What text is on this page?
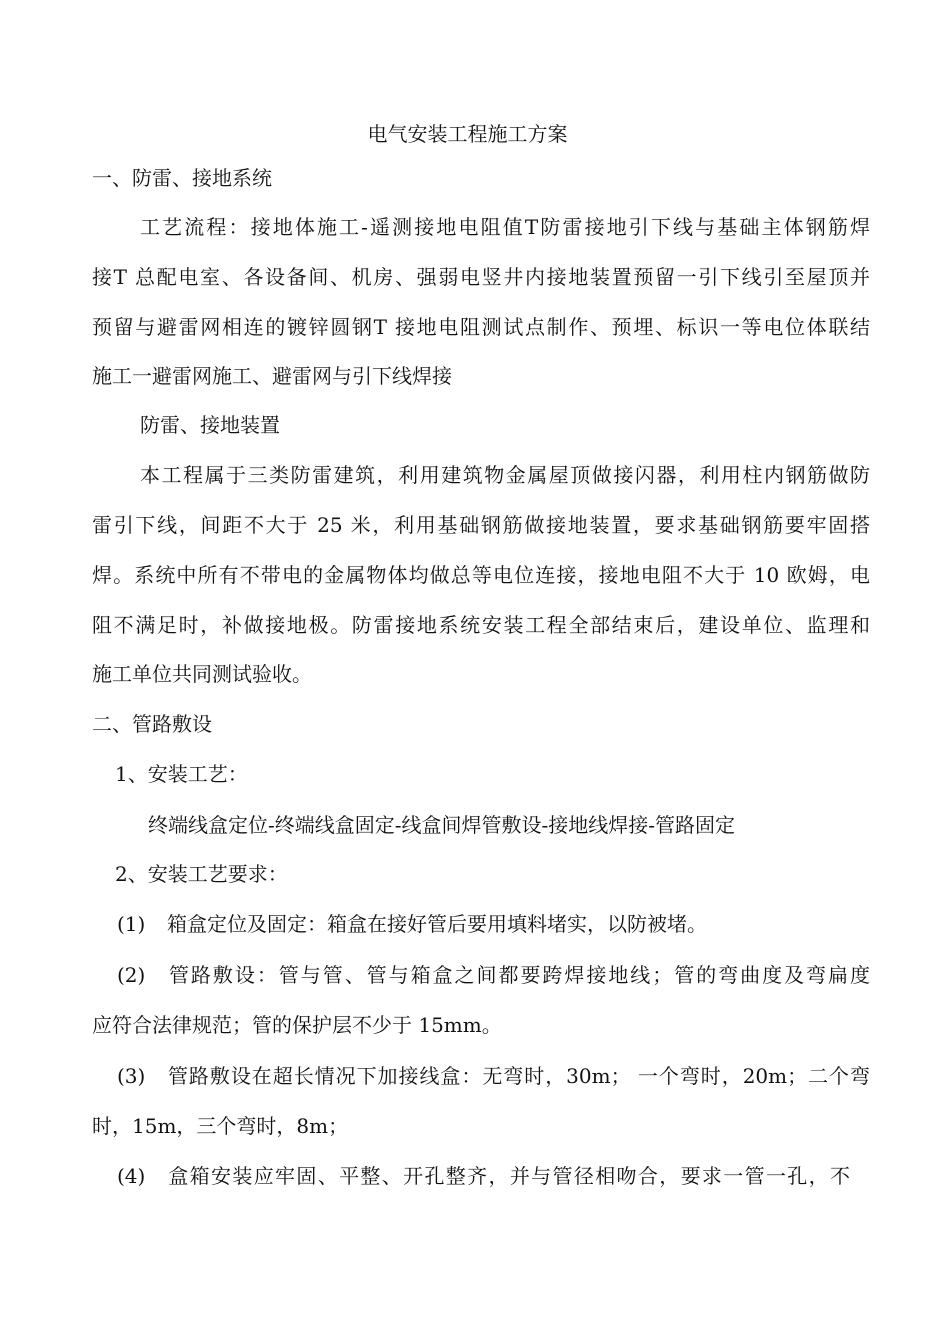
电气安装工程施工方案
一、防雷、接地系统
工艺流程：接地体施工-遥测接地电阻值T防雷接地引下线与基础主体钢筋焊
接T 总配电室、各设备间、机房、强弱电竖井内接地装置预留一引下线引至屋顶并
预留与避雷网相连的镀锌圆钢T 接地电阻测试点制作、预埋、标识一等电位体联结
施工一避雷网施工、避雷网与引下线焊接
防雷、接地装置
本工程属于三类防雷建筑，利用建筑物金属屋顶做接闪器，利用柱内钢筋做防
雷引下线，间距不大于 25 米，利用基础钢筋做接地装置，要求基础钢筋要牢固搭
焊。系统中所有不带电的金属物体均做总等电位连接，接地电阻不大于 10 欧姆，电
阻不满足时，补做接地极。防雷接地系统安装工程全部结束后，建设单位、监理和
施工单位共同测试验收。
二、管路敷设
1、安装工艺：
终端线盒定位-终端线盒固定-线盒间焊管敷设-接地线焊接-管路固定
2、安装工艺要求：
(1) 箱盒定位及固定：箱盒在接好管后要用填料堵实，以防被堵。
(2) 管路敷设：管与管、管与箱盒之间都要跨焊接地线；管的弯曲度及弯扁度
应符合法律规范；管的保护层不少于 15mm。
(3) 管路敷设在超长情况下加接线盒：无弯时，30m； 一个弯时，20m；二个弯
时，15m，三个弯时，8m；
(4) 盒箱安装应牢固、平整、开孔整齐，并与管径相吻合，要求一管一孔，不
